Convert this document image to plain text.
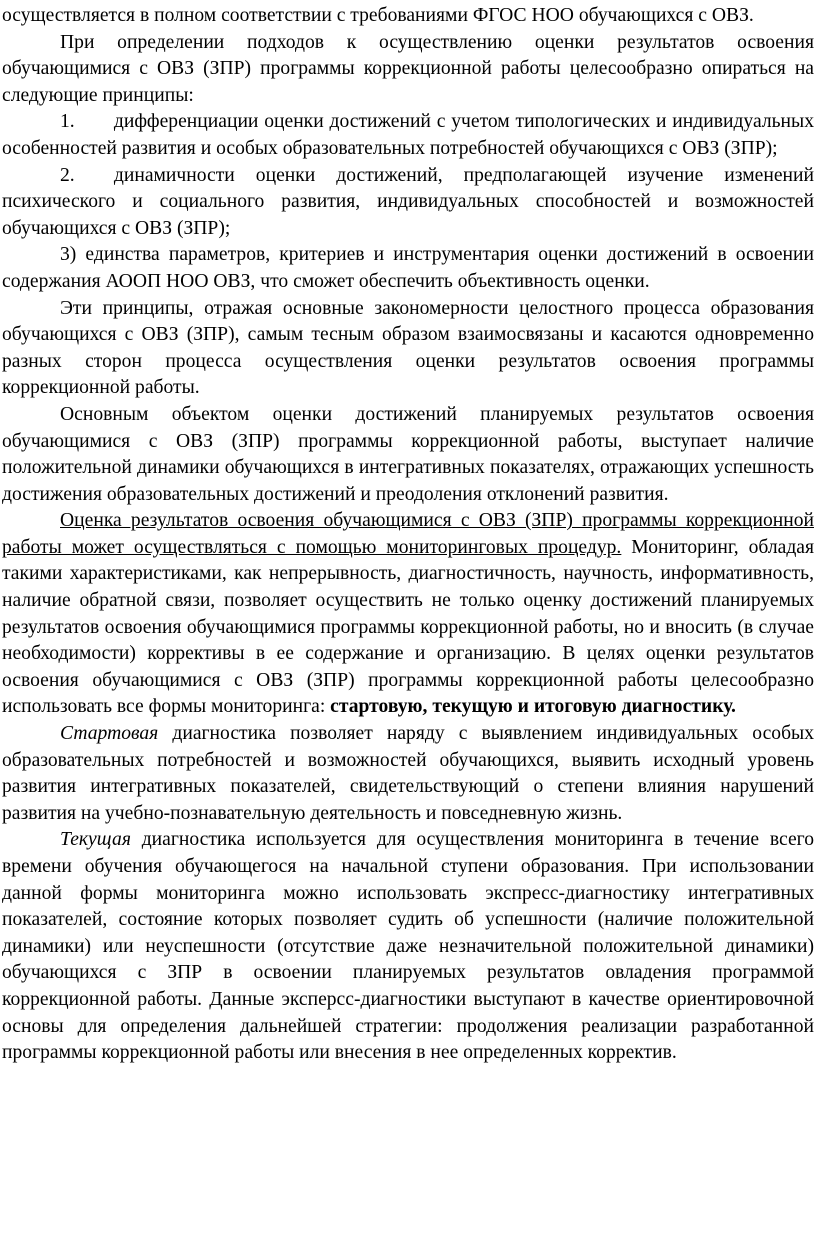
осуществляется в полном соответствии с требованиями ФГОС НОО обучающихся с ОВЗ.

При определении подходов к осуществлению оценки результатов освоения обучающимися с ОВЗ (ЗПР) программы коррекционной работы целесообразно опираться на следующие принципы:

1.  дифференциации оценки достижений с учетом типологических и индивидуальных особенностей развития и особых образовательных потребностей обучающихся с ОВЗ (ЗПР);

2.  динамичности оценки достижений, предполагающей изучение изменений психического и социального развития, индивидуальных способностей и возможностей обучающихся с ОВЗ (ЗПР);

3) единства параметров, критериев и инструментария оценки достижений в освоении содержания АООП НОО ОВЗ, что сможет обеспечить объективность оценки.

Эти принципы, отражая основные закономерности целостного процесса образования обучающихся с ОВЗ (ЗПР), самым тесным образом взаимосвязаны и касаются одновременно разных сторон процесса осуществления оценки результатов освоения программы коррекционной работы.

Основным объектом оценки достижений планируемых результатов освоения обучающимися с ОВЗ (ЗПР) программы коррекционной работы, выступает наличие положительной динамики обучающихся в интегративных показателях, отражающих успешность достижения образовательных достижений и преодоления отклонений развития.

Оценка результатов освоения обучающимися с ОВЗ (ЗПР) программы коррекционной работы может осуществляться с помощью мониторинговых процедур. Мониторинг, обладая такими характеристиками, как непрерывность, диагностичность, научность, информативность, наличие обратной связи, позволяет осуществить не только оценку достижений планируемых результатов освоения обучающимися программы коррекционной работы, но и вносить (в случае необходимости) коррективы в ее содержание и организацию. В целях оценки результатов освоения обучающимися с ОВЗ (ЗПР) программы коррекционной работы целесообразно использовать все формы мониторинга: стартовую, текущую и итоговую диагностику.

Стартовая диагностика позволяет наряду с выявлением индивидуальных особых образовательных потребностей и возможностей обучающихся, выявить исходный уровень развития интегративных показателей, свидетельствующий о степени влияния нарушений развития на учебно-познавательную деятельность и повседневную жизнь.

Текущая диагностика используется для осуществления мониторинга в течение всего времени обучения обучающегося на начальной ступени образования. При использовании данной формы мониторинга можно использовать экспресс-диагностику интегративных показателей, состояние которых позволяет судить об успешности (наличие положительной динамики) или неуспешности (отсутствие даже незначительной положительной динамики) обучающихся с ЗПР в освоении планируемых результатов овладения программой коррекционной работы. Данные эксперсс-диагностики выступают в качестве ориентировочной основы для определения дальнейшей стратегии: продолжения реализации разработанной программы коррекционной работы или внесения в нее определенных корректив.
